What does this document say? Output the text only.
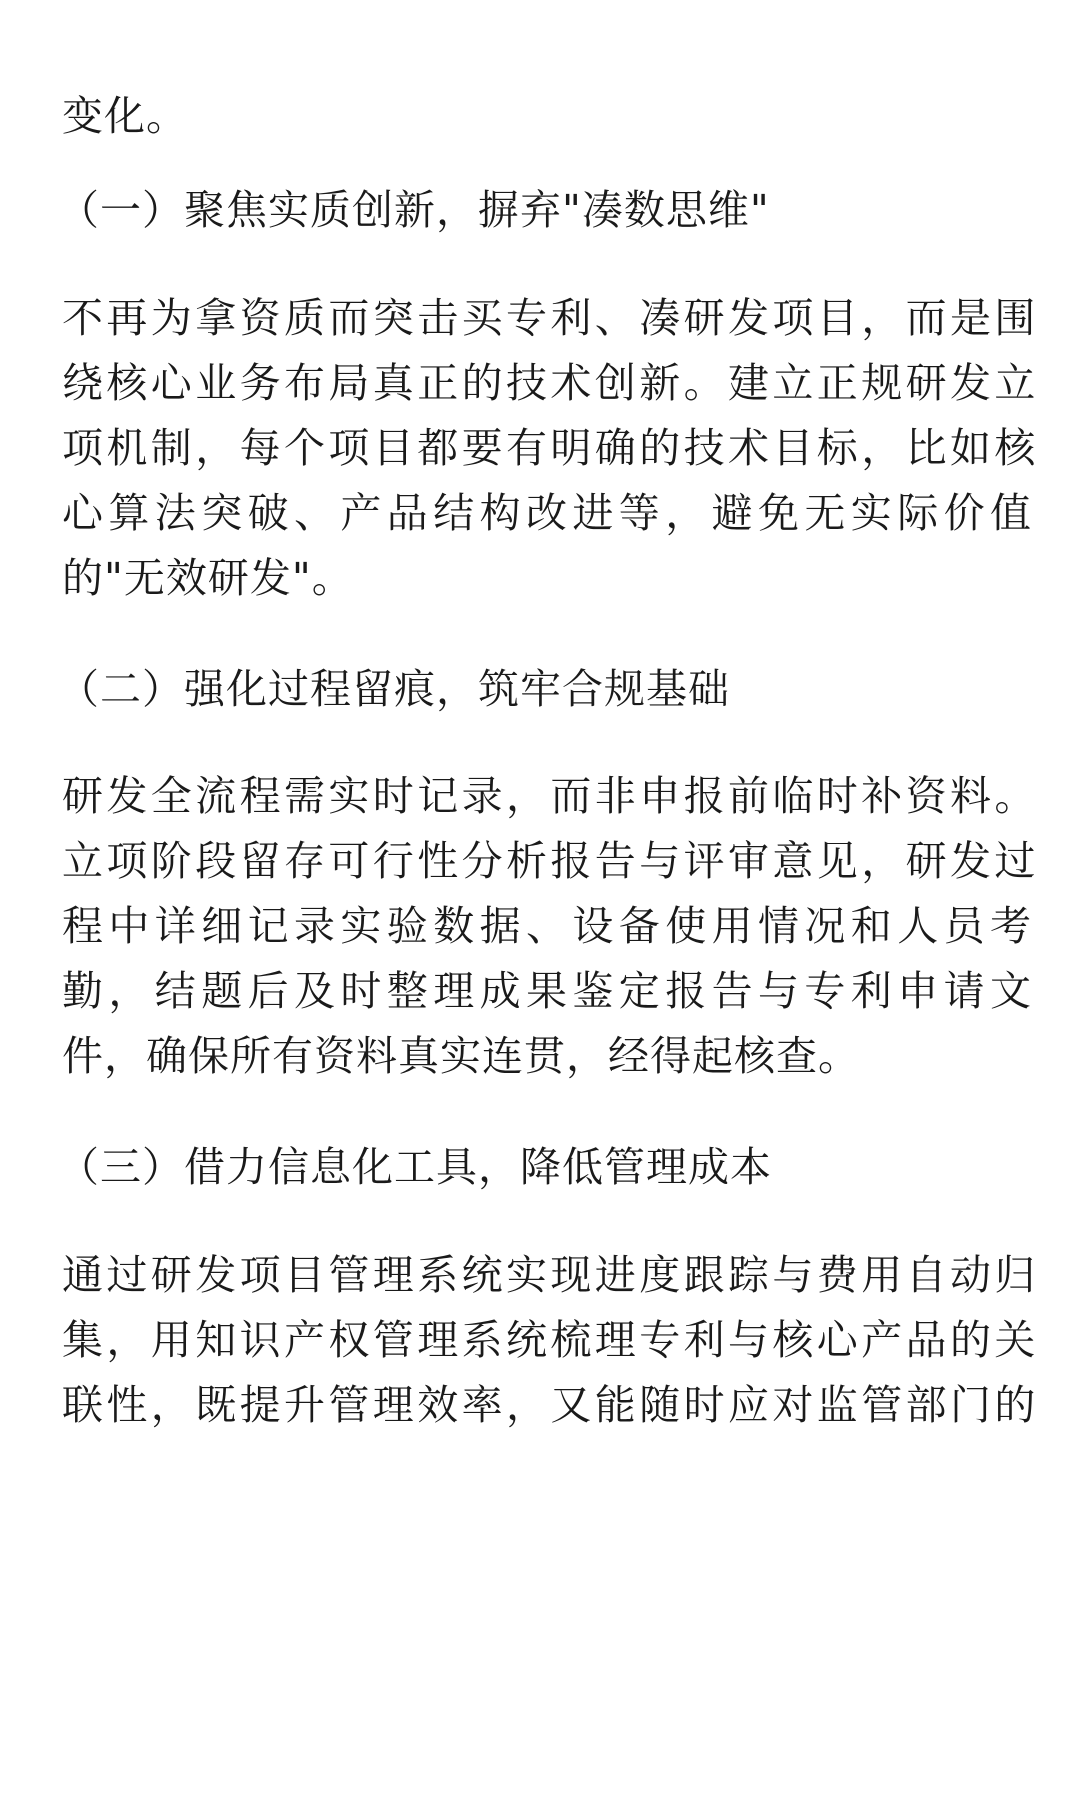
变化。
（一）聚焦实质创新，摒弃"凑数思维"
不再为拿资质而突击买专利、凑研发项目，而是围
绕核心业务布局真正的技术创新。建立正规研发立
项机制，每个项目都要有明确的技术目标，比如核
心算法突破、产品结构改进等，避免无实际价值
的"无效研发"。
（二）强化过程留痕，筑牢合规基础
研发全流程需实时记录，而非申报前临时补资料。
立项阶段留存可行性分析报告与评审意见，研发过
程中详细记录实验数据、设备使用情况和人员考
勤，结题后及时整理成果鉴定报告与专利申请文
件，确保所有资料真实连贯，经得起核查。
（三）借力信息化工具，降低管理成本
通过研发项目管理系统实现进度跟踪与费用自动归
集，用知识产权管理系统梳理专利与核心产品的关
联性，既提升管理效率，又能随时应对监管部门的
